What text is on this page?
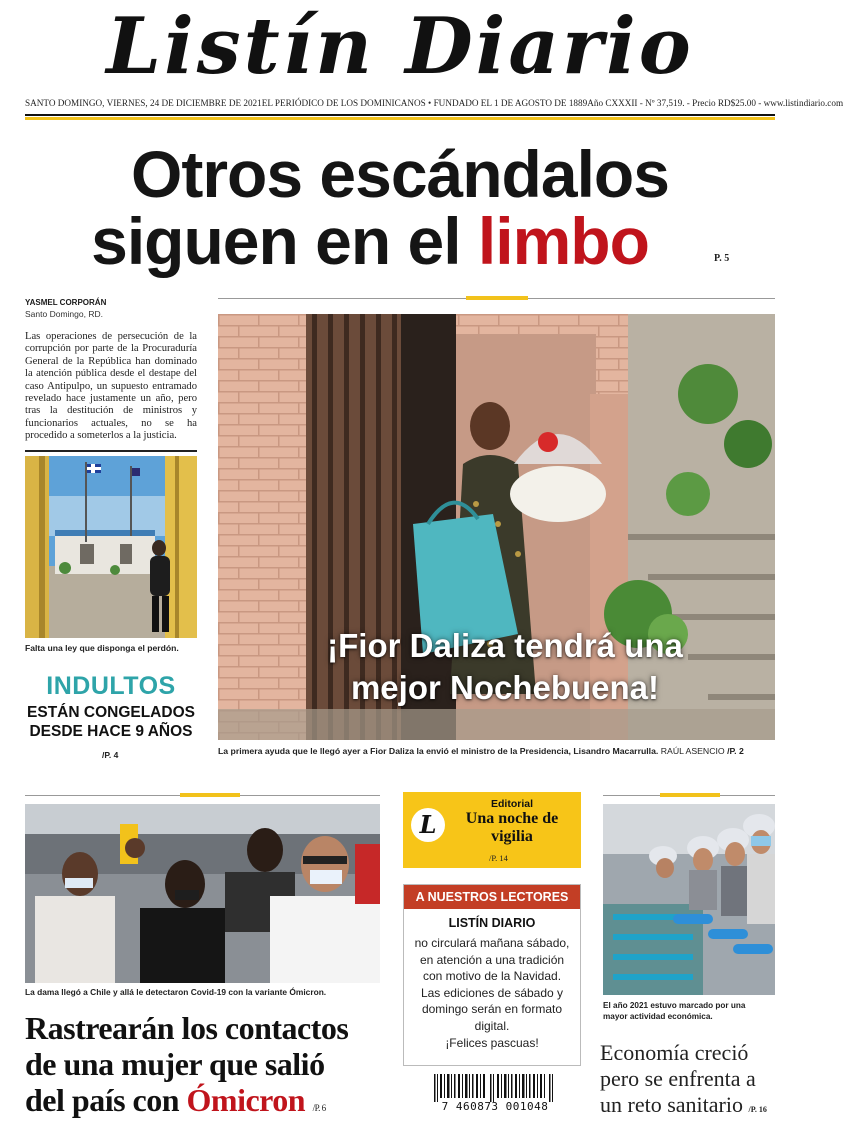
Listín Diario
SANTO DOMINGO, VIERNES, 24 DE DICIEMBRE DE 2021 EL PERIÓDICO DE LOS DOMINICANOS • FUNDADO EL 1 DE AGOSTO DE 1889 Año CXXXII - Nº 37,519. - Precio RD$25.00 - www.listindiario.com
Otros escándalos
siguen en el limbo	P. 5
YASMEL CORPORÁN
Santo Domingo, RD.
Las operaciones de persecución de la corrupción por parte de la Procuraduría General de la República han dominado la atención pública desde el destape del caso Antipulpo, un supuesto entramado revelado hace justamente un año, pero tras la destitución de ministros y funcionarios actuales, no se ha procedido a someterlos a la justicia.
Falta una ley que disponga el perdón.
INDULTOS
ESTÁN CONGELADOS
DESDE HACE 9 AÑOS
/P. 4
¡Fior Daliza tendrá una
mejor Nochebuena!
La primera ayuda que le llegó ayer a Fior Daliza la envió el ministro de la Presidencia, Lisandro Macarrulla. RAÚL ASENCIO /P. 2
La dama llegó a Chile y allá le detectaron Covid-19 con la variante Ómicron.
Rastrearán los contactos
de una mujer que salió
del país con Ómicron /P. 6
L
Editorial
Una noche de
vigilia
/P. 14
A NUESTROS LECTORES
LISTÍN DIARIO
no circulará mañana sábado,
en atención a una tradición
con motivo de la Navidad.
Las ediciones de sábado y
domingo serán en formato
digital.
¡Felices pascuas!
7 460873 001048
El año 2021 estuvo marcado por una
mayor actividad económica.
Economía creció
pero se enfrenta a
un reto sanitario /P. 16
